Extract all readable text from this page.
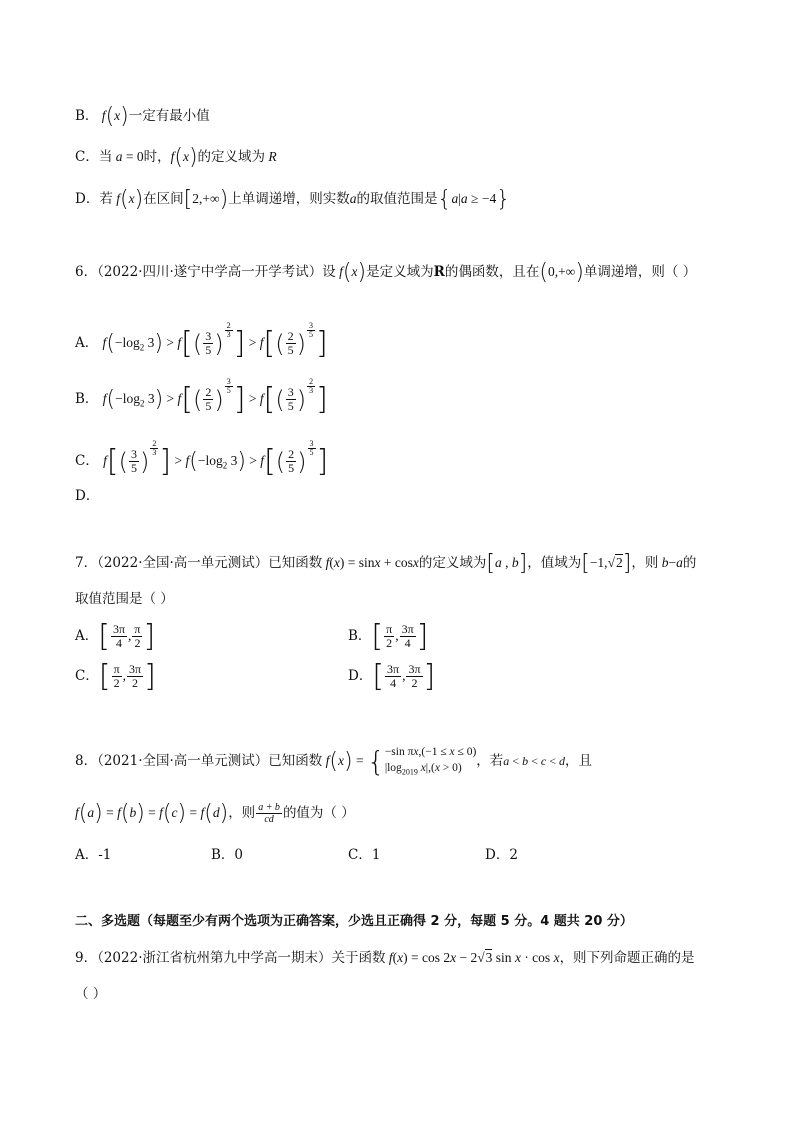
B． f(x)一定有最小值
C．当 a = 0时，f(x)的定义域为 R
D．若 f(x)在区间[2,+∞)上单调递增，则实数a的取值范围是{a|a ≥ −4}
6．（2022·四川·遂宁中学高一开学考试）设 f(x)是定义域为R的偶函数，且在(0,+∞)单调递增，则（ ）
A． $f(-\log_2$ $3) > f[( \frac{3}{5}$ ) $^{\frac{2}{3}}$ ] > $f[( \frac{2}{5}$ ) $^{\frac{3}{5}}$ ]
B． $f(-\log_2$ $3) > f[( \frac{2}{5}$ ) $^{\frac{3}{5}}$ ] > $f[( \frac{3}{5}$ ) $^{\frac{2}{3}}$ ]
C． $f[( \frac{3}{5}$ ) $^{\frac{2}{3}}$ ] > $f(-\log_2$ $3) > f[( \frac{2}{5}$ ) $^{\frac{3}{5}}$ ]
D．
7．（2022·全国·高一单元测试）已知函数 f(x) = sinx + cosx的定义域为[a , b]，值域为[−1,√2]，则 b−a的
取值范围是（ ）
A．[ $\frac{3\pi}{4}$ , $\frac{\pi}{2}$ ]	B．[ $\frac{\pi}{2}$ , $\frac{3\pi}{4}$ ]
C．[ $\frac{\pi}{2}$ , $\frac{3\pi}{2}$ ]	D．[ $\frac{3\pi}{4}$ , $\frac{3\pi}{2}$ ]
8．（2021·全国·高一单元测试）已知函数 f(x) = {−sin πx,(−1 ≤ x ≤ 0)
$|\log_{2019}$ x|,(x > 0) ，若a < b < c < d，且
f(a) = f(b) = f(c) = f(d)，则 $\frac{a + b}{cd}$ 的值为（ ）
A．-1	B．0	C．1	D．2
二、多选题（每题至少有两个选项为正确答案，少选且正确得 2 分，每题 5 分。4 题共 20 分）
9．（2022·浙江省杭州第九中学高一期末）关于函数 f(x) = cos 2x − 2√3 sin x · cos x，则下列命题正确的是
（ ）
